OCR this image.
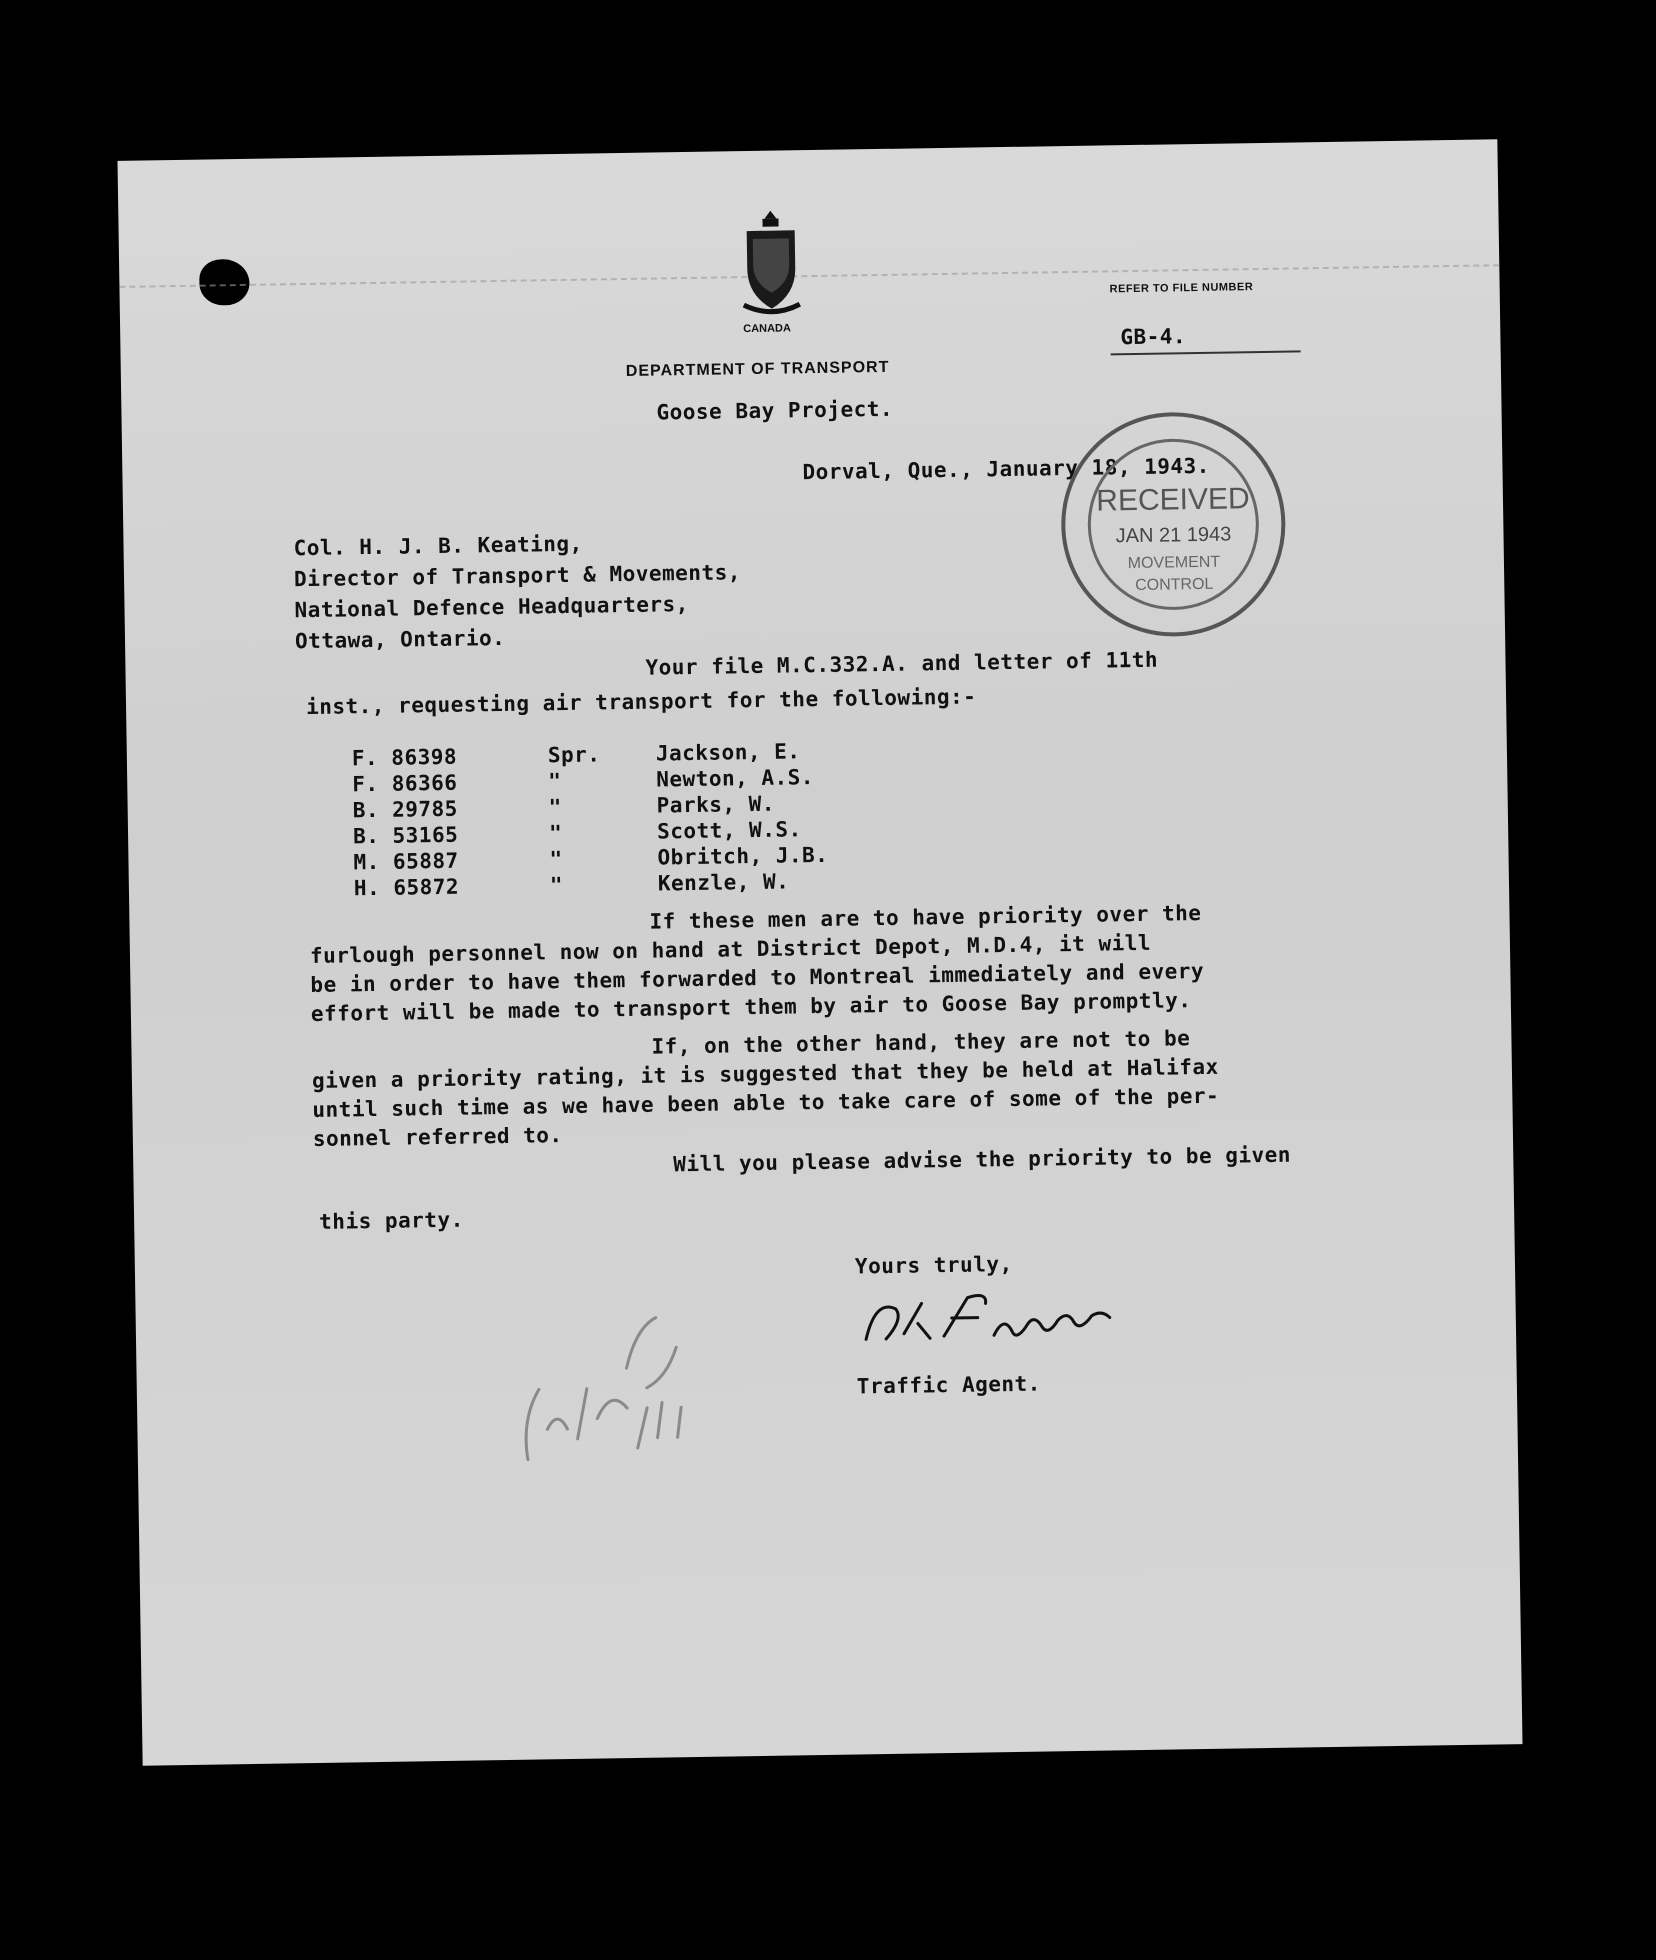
CANADA
DEPARTMENT OF TRANSPORT
REFER TO FILE NUMBER
GB-4.
Goose Bay Project.
Dorval, Que., January 18, 1943.
RECEIVED
JAN 21 1943
MOVEMENT
CONTROL
Col. H. J. B. Keating,
Director of Transport & Movements,
National Defence Headquarters,
Ottawa, Ontario.
Your file M.C.332.A. and letter of 11th
inst., requesting air transport for the following:-
F. 86398	Spr.	Jackson, E.
F. 86366	"	Newton, A.S.
B. 29785	"	Parks, W.
B. 53165	"	Scott, W.S.
M. 65887	"	Obritch, J.B.
H. 65872	"	Kenzle, W.
If these men are to have priority over the
furlough personnel now on hand at District Depot, M.D.4, it will
be in order to have them forwarded to Montreal immediately and every
effort will be made to transport them by air to Goose Bay promptly.
If, on the other hand, they are not to be
given a priority rating, it is suggested that they be held at Halifax
until such time as we have been able to take care of some of the per-
sonnel referred to.
Will you please advise the priority to be given
this party.
Yours truly,
Traffic Agent.
